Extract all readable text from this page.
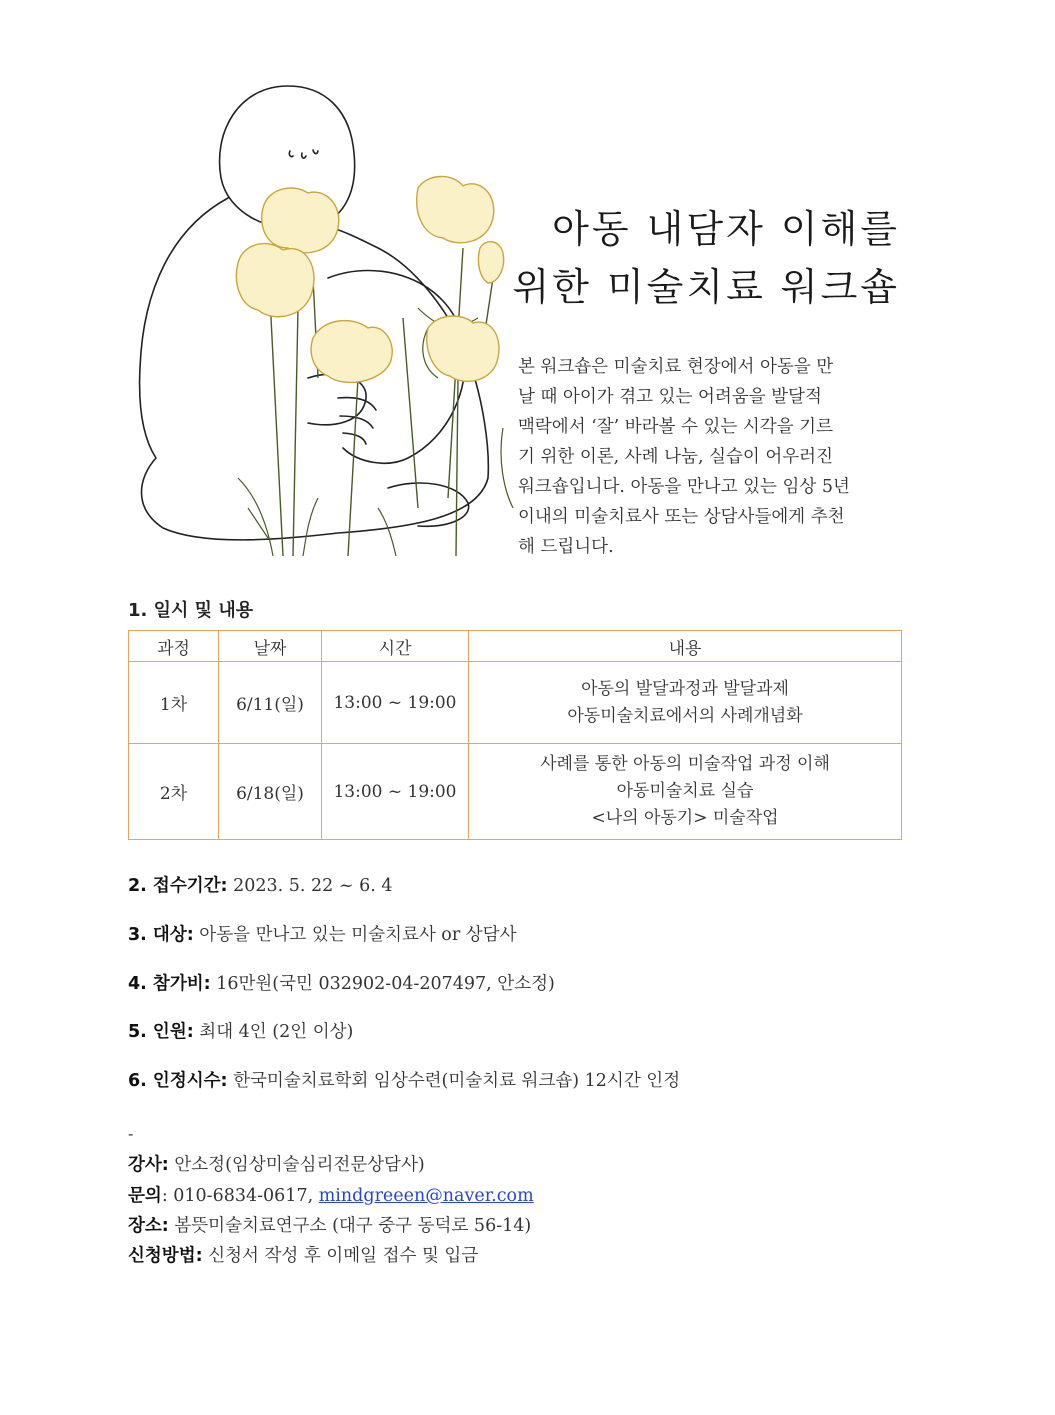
아동 내담자 이해를
위한 미술치료 워크숍
본 워크숍은 미술치료 현장에서 아동을 만
날 때 아이가 겪고 있는 어려움을 발달적
맥락에서 ‘잘’ 바라볼 수 있는 시각을 기르
기 위한 이론, 사례 나눔, 실습이 어우러진
워크숍입니다. 아동을 만나고 있는 임상 5년
이내의 미술치료사 또는 상담사들에게 추천
해 드립니다.
1. 일시 및 내용
과정	날짜	시간	내용
1차	6/11(일)	13:00 ~ 19:00	아동의 발달과정과 발달과제
아동미술치료에서의 사례개념화

2차	6/18(일)	13:00 ~ 19:00	사례를 통한 아동의 미술작업 과정 이해
아동미술치료 실습
<나의 아동기> 미술작업
2. 접수기간: 2023. 5. 22 ~ 6. 4
3. 대상: 아동을 만나고 있는 미술치료사 or 상담사
4. 참가비: 16만원(국민 032902-04-207497, 안소정)
5. 인원: 최대 4인 (2인 이상)
6. 인정시수: 한국미술치료학회 임상수련(미술치료 워크숍) 12시간 인정
-
강사: 안소정(임상미술심리전문상담사)
문의: 010-6834-0617, mindgreeen@naver.com
장소: 봄뜻미술치료연구소 (대구 중구 동덕로 56-14)
신청방법: 신청서 작성 후 이메일 접수 및 입금
